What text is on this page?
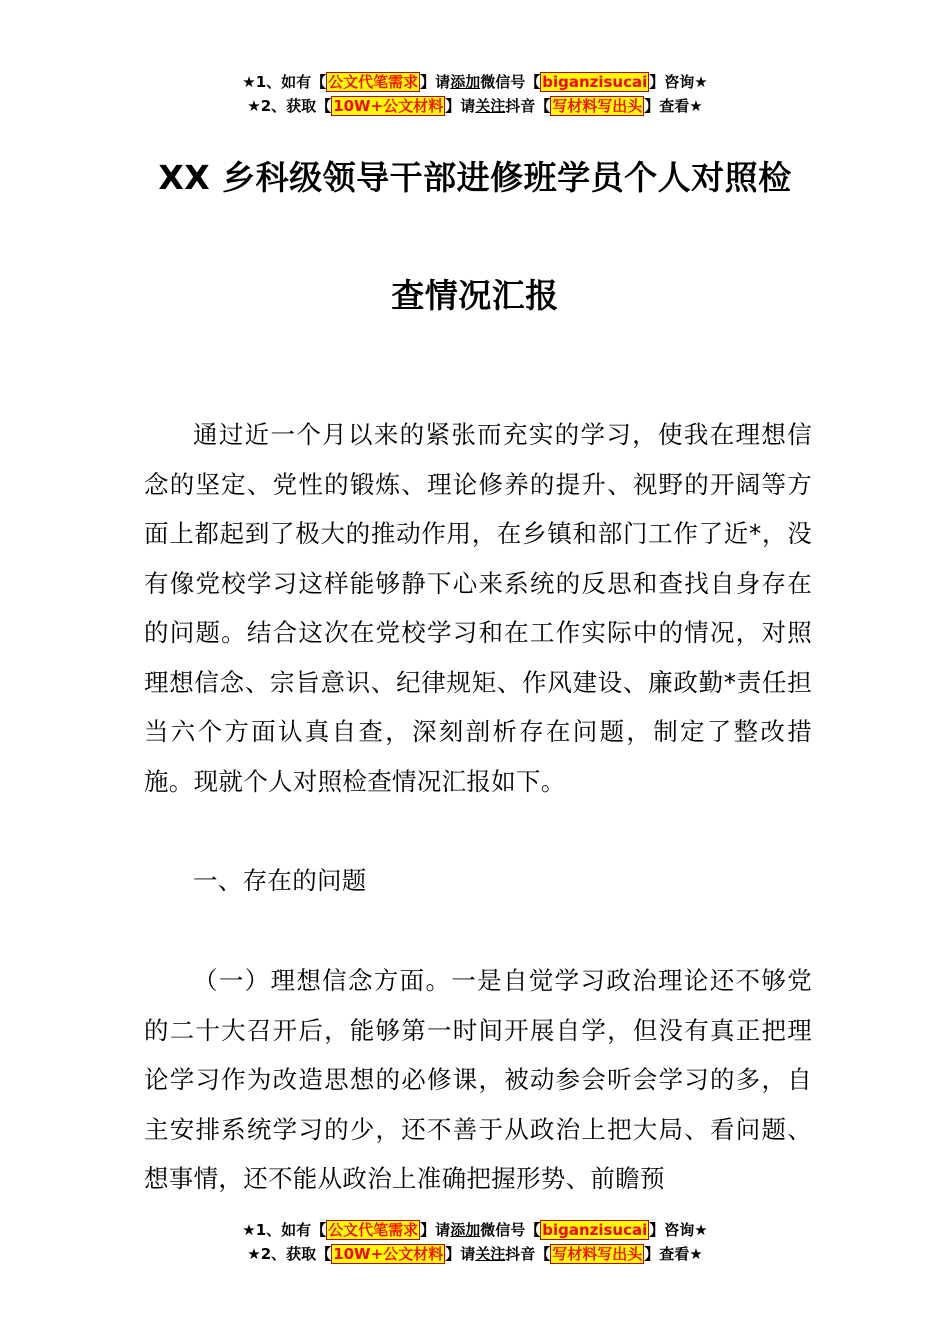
★1、如有【 公文代笔需求 】请添加微信号【 biganzisucai 】咨询★
★2、获取【 10W+公文材料 】请关注抖音【 写材料写出头 】查看★
XX 乡科级领导干部进修班学员个人对照检
查情况汇报

通过近一个月以来的紧张而充实的学习，使我在理想信念的坚定、党性的锻炼、理论修养的提升、视野的开阔等方面上都起到了极大的推动作用，在乡镇和部门工作了近*，没有像党校学习这样能够静下心来系统的反思和查找自身存在的问题。结合这次在党校学习和在工作实际中的情况，对照理想信念、宗旨意识、纪律规矩、作风建设、廉政勤*责任担当六个方面认真自查，深刻剖析存在问题，制定了整改措施。现就个人对照检查情况汇报如下。

一、存在的问题

（一）理想信念方面。一是自觉学习政治理论还不够党的二十大召开后，能够第一时间开展自学，但没有真正把理论学习作为改造思想的必修课，被动参会听会学习的多，自主安排系统学习的少，还不善于从政治上把大局、看问题、想事情，还不能从政治上准确把握形势、前瞻预

★1、如有【 公文代笔需求 】请添加微信号【 biganzisucai 】咨询★
★2、获取【 10W+公文材料 】请关注抖音【 写材料写出头 】查看★
